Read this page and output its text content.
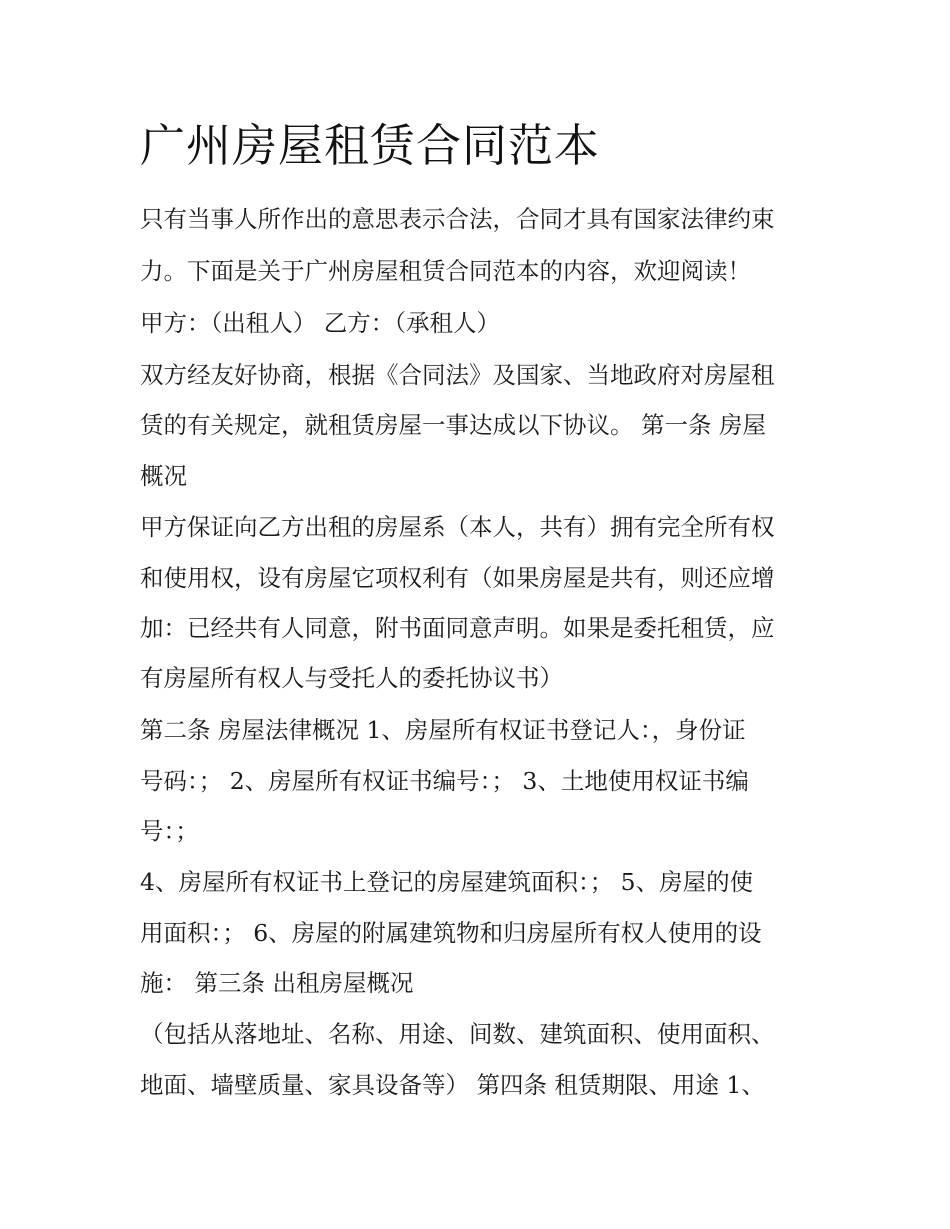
广州房屋租赁合同范本

只有当事人所作出的意思表示合法，合同才具有国家法律约束

力。下面是关于广州房屋租赁合同范本的内容，欢迎阅读！

甲方：（出租人） 乙方：（承租人）

双方经友好协商，根据《合同法》及国家、当地政府对房屋租

赁的有关规定，就租赁房屋一事达成以下协议。 第一条 房屋

概况

甲方保证向乙方出租的房屋系（本人，共有）拥有完全所有权

和使用权，设有房屋它项权利有（如果房屋是共有，则还应增

加：已经共有人同意，附书面同意声明。如果是委托租赁，应

有房屋所有权人与受托人的委托协议书）

第二条 房屋法律概况 1、房屋所有权证书登记人：，身份证

号码：； 2、房屋所有权证书编号：； 3、土地使用权证书编

号：；

4、房屋所有权证书上登记的房屋建筑面积：； 5、房屋的使

用面积：； 6、房屋的附属建筑物和归房屋所有权人使用的设

施： 第三条 出租房屋概况

（包括从落地址、名称、用途、间数、建筑面积、使用面积、

地面、墙壁质量、家具设备等） 第四条 租赁期限、用途 1、
